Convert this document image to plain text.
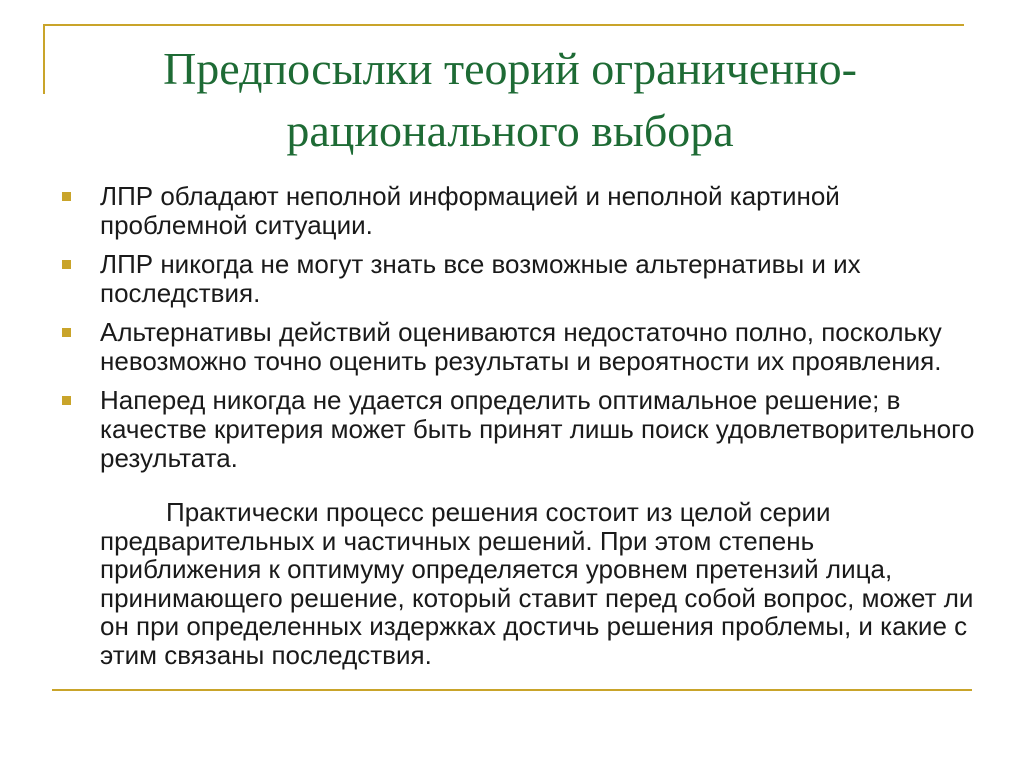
Предпосылки теорий ограниченно-
рационального выбора
ЛПР обладают неполной информацией и неполной картиной проблемной ситуации.
ЛПР никогда не могут знать все возможные альтернативы и их последствия.
Альтернативы действий оцениваются недостаточно полно, поскольку невозможно точно оценить результаты и вероятности их проявления.
Наперед никогда не удается определить оптимальное решение; в качестве критерия может быть принят лишь поиск удовлетворительного результата.

Практически процесс решения состоит из целой серии предварительных и частичных решений. При этом степень приближения к оптимуму определяется уровнем претензий лица, принимающего решение, который ставит перед собой вопрос, может ли он при определенных издержках достичь решения проблемы, и какие с этим связаны последствия.
